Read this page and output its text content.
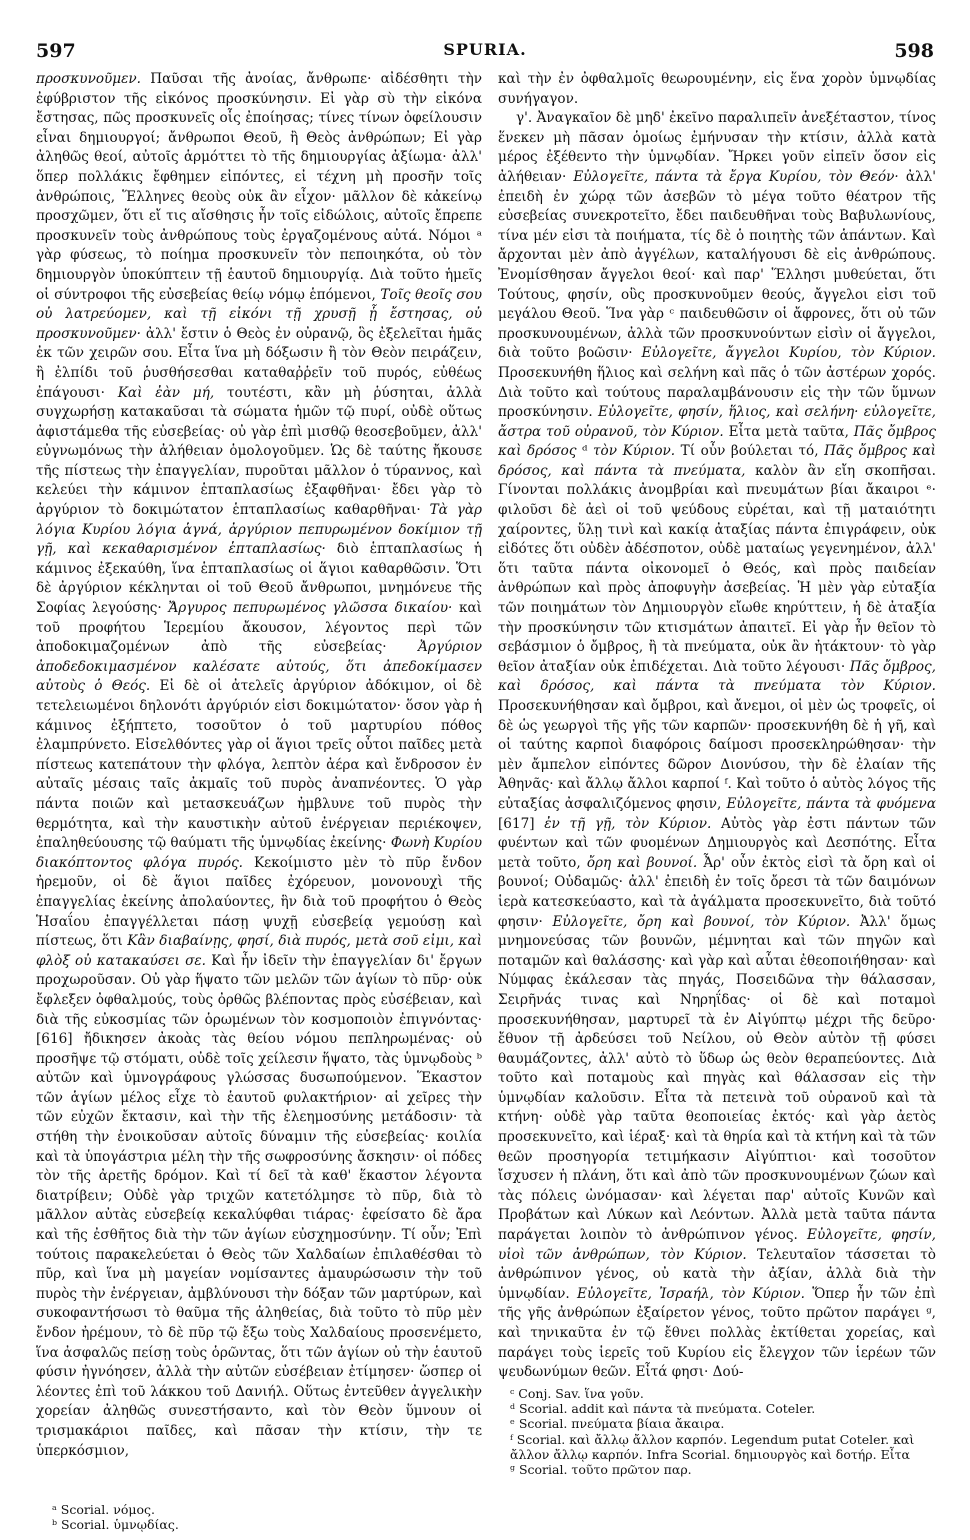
597	SPURIA.	598

προσκυνοῦμεν. Παῦσαι τῆς ἀνοίας, ἄνθρωπε· αἰδέσθητι τὴν ἐφύβριστον τῆς εἰκόνος προσκύνησιν. Εἰ γὰρ σὺ τὴν εἰκόνα ἔστησας, πῶς προσκυνεῖς οἷς ἐποίησας; τίνες τίνων ὀφείλουσιν εἶναι δημιουργοί; ἄνθρωποι Θεοῦ, ἢ Θεὸς ἀνθρώπων; Εἰ γὰρ ἀληθῶς θεοί, αὐτοῖς ἁρμόττει τὸ τῆς δημιουργίας ἀξίωμα· ἀλλ' ὅπερ πολλάκις ἔφθημεν εἰπόντες, εἰ τέχνη μὴ προσῆν τοῖς ἀνθρώποις, Ἕλληνες θεοὺς οὐκ ἂν εἶχον· μᾶλλον δὲ κἀκείνῳ προσχῶμεν, ὅτι εἴ τις αἴσθησις ἦν τοῖς εἰδώλοις, αὐτοῖς ἔπρεπε προσκυνεῖν τοὺς ἀνθρώπους τοὺς ἐργαζομένους αὐτά. Νόμοι ᵃ γὰρ φύσεως, τὸ ποίημα προσκυνεῖν τὸν πεποιηκότα, οὐ τὸν δημιουργὸν ὑποκύπτειν τῇ ἑαυτοῦ δημιουργίᾳ. Διὰ τοῦτο ἡμεῖς οἱ σύντροφοι τῆς εὐσεβείας θείῳ νόμῳ ἑπόμενοι, Τοῖς θεοῖς σου οὐ λατρεύομεν, καὶ τῇ εἰκόνι τῇ χρυσῇ ᾗ ἔστησας, οὐ προσκυνοῦμεν· ἀλλ' ἔστιν ὁ Θεὸς ἐν οὐρανῷ, ὃς ἐξελεῖται ἡμᾶς ἐκ τῶν χειρῶν σου. Εἶτα ἵνα μὴ δόξωσιν ἢ τὸν Θεὸν πειράζειν, ἢ ἐλπίδι τοῦ ῥυσθήσεσθαι καταθαῤῥεῖν τοῦ πυρός, εὐθέως ἐπάγουσι· Καὶ ἐὰν μή, τουτέστι, κἂν μὴ ῥύσηται, ἀλλὰ συγχωρήσῃ κατακαῦσαι τὰ σώματα ἡμῶν τῷ πυρί, οὐδὲ οὕτως ἀφιστάμεθα τῆς εὐσεβείας· οὐ γὰρ ἐπὶ μισθῷ θεοσεβοῦμεν, ἀλλ' εὐγνωμόνως τὴν ἀλήθειαν ὁμολογοῦμεν. Ὡς δὲ ταύτης ἤκουσε τῆς πίστεως τὴν ἐπαγγελίαν, πυροῦται μᾶλλον ὁ τύραννος, καὶ κελεύει τὴν κάμινον ἑπταπλασίως ἐξαφθῆναι· ἔδει γὰρ τὸ ἀργύριον τὸ δοκιμώτατον ἑπταπλασίως καθαρθῆναι· Τὰ γὰρ λόγια Κυρίου λόγια ἁγνά, ἀργύριον πεπυρωμένον δοκίμιον τῇ γῇ, καὶ κεκαθαρισμένον ἑπταπλασίως· διὸ ἑπταπλασίως ἡ κάμινος ἐξεκαύθη, ἵνα ἑπταπλασίως οἱ ἅγιοι καθαρθῶσιν. Ὅτι δὲ ἀργύριον κέκληνται οἱ τοῦ Θεοῦ ἄνθρωποι, μνημόνευε τῆς Σοφίας λεγούσης· Ἄργυρος πεπυρωμένος γλῶσσα δικαίου· καὶ τοῦ προφήτου Ἱερεμίου ἄκουσον, λέγοντος περὶ τῶν ἀποδοκιμαζομένων ἀπὸ τῆς εὐσεβείας· Ἀργύριον ἀποδεδοκιμασμένον καλέσατε αὐτούς, ὅτι ἀπεδοκίμασεν αὐτοὺς ὁ Θεός. Εἰ δὲ οἱ ἀτελεῖς ἀργύριον ἀδόκιμον, οἱ δὲ τετελειωμένοι δηλονότι ἀργύριόν εἰσι δοκιμώτατον· ὅσον γὰρ ἡ κάμινος ἐξήπτετο, τοσοῦτον ὁ τοῦ μαρτυρίου πόθος ἐλαμπρύνετο. Εἰσελθόντες γὰρ οἱ ἅγιοι τρεῖς οὗτοι παῖδες μετὰ πίστεως κατεπάτουν τὴν φλόγα, λεπτὸν ἀέρα καὶ ἔνδροσον ἐν αὐταῖς μέσαις ταῖς ἀκμαῖς τοῦ πυρὸς ἀναπνέοντες. Ὁ γὰρ πάντα ποιῶν καὶ μετασκευάζων ἠμβλυνε τοῦ πυρὸς τὴν θερμότητα, καὶ τὴν καυστικὴν αὐτοῦ ἐνέργειαν περιέκοψεν, ἐπαληθεύουσης τῷ θαύματι τῆς ὑμνῳδίας ἐκείνης· Φωνὴ Κυρίου διακόπτοντος φλόγα πυρός. Κεκοίμιστο μὲν τὸ πῦρ ἔνδον ἠρεμοῦν, οἱ δὲ ἅγιοι παῖδες ἐχόρευον, μονονουχὶ τῆς ἐπαγγελίας ἐκείνης ἀπολαύοντες, ἣν διὰ τοῦ προφήτου ὁ Θεὸς Ἡσαΐου ἐπαγγέλλεται πάσῃ ψυχῇ εὐσεβείᾳ γεμούσῃ καὶ πίστεως, ὅτι Κἂν διαβαίνῃς, φησί, διὰ πυρός, μετὰ σοῦ εἰμι, καὶ φλὸξ οὐ κατακαύσει σε. Καὶ ἦν ἰδεῖν τὴν ἐπαγγελίαν δι' ἔργων προχωροῦσαν. Οὐ γὰρ ἥψατο τῶν μελῶν τῶν ἁγίων τὸ πῦρ· οὐκ ἔφλεξεν ὀφθαλμούς, τοὺς ὀρθῶς βλέποντας πρὸς εὐσέβειαν, καὶ διὰ τῆς εὐκοσμίας τῶν ὁρωμένων τὸν κοσμοποιὸν ἐπιγνόντας· [616] ἤδικησεν ἀκοὰς τὰς θείου νόμου πεπληρωμένας· οὐ προσῆψε τῷ στόματι, οὐδὲ τοῖς χείλεσιν ἥψατο, τὰς ὑμνῳδοὺς ᵇ αὐτῶν καὶ ὑμνογράφους γλώσσας δυσωπούμενον. Ἕκαστον τῶν ἁγίων μέλος εἶχε τὸ ἑαυτοῦ φυλακτήριον· αἱ χεῖρες τὴν τῶν εὐχῶν ἔκτασιν, καὶ τὴν τῆς ἐλεημοσύνης μετάδοσιν· τὰ στήθη τὴν ἐνοικοῦσαν αὐτοῖς δύναμιν τῆς εὐσεβείας· κοιλία καὶ τὰ ὑπογάστρια μέλη τὴν τῆς σωφροσύνης ἄσκησιν· οἱ πόδες τὸν τῆς ἀρετῆς δρόμον. Καὶ τί δεῖ τὰ καθ' ἕκαστον λέγοντα διατρίβειν; Οὐδὲ γὰρ τριχῶν κατετόλμησε τὸ πῦρ, διὰ τὸ μᾶλλον αὐτὰς εὐσεβείᾳ κεκαλύφθαι τιάρας· ἐφείσατο δὲ ἄρα καὶ τῆς ἐσθῆτος διὰ τὴν τῶν ἁγίων εὐσχημοσύνην. Τί οὖν; Ἐπὶ τούτοις παρακελεύεται ὁ Θεὸς τῶν Χαλδαίων ἐπιλαθέσθαι τὸ πῦρ, καὶ ἵνα μὴ μαγείαν νομίσαντες ἀμαυρώσωσιν τὴν τοῦ πυρὸς τὴν ἐνέργειαν, ἀμβλύνουσι τὴν δόξαν τῶν μαρτύρων, καὶ συκοφαντήσωσι τὸ θαῦμα τῆς ἀληθείας, διὰ τοῦτο τὸ πῦρ μὲν ἔνδον ἠρέμουν, τὸ δὲ πῦρ τῷ ἔξω τοὺς Χαλδαίους προσενέμετο, ἵνα ἀσφαλῶς πείσῃ τοὺς ὁρῶντας, ὅτι τῶν ἁγίων οὐ τὴν ἑαυτοῦ φύσιν ἠγνόησεν, ἀλλὰ τὴν αὐτῶν εὐσέβειαν ἐτίμησεν· ὥσπερ οἱ λέοντες ἐπὶ τοῦ λάκκου τοῦ Δανιήλ. Οὕτως ἐντεῦθεν ἀγγελικὴν χορείαν ἀληθῶς συνεστήσαντο, καὶ τὸν Θεὸν ὕμνουν οἱ τρισμακάριοι παῖδες, καὶ πᾶσαν τὴν κτίσιν, τὴν τε ὑπερκόσμιον,

καὶ τὴν ἐν ὀφθαλμοῖς θεωρουμένην, εἰς ἕνα χορὸν ὑμνῳδίας συνήγαγον.

γ'. Ἀναγκαῖον δὲ μηδ' ἐκεῖνο παραλιπεῖν ἀνεξέταστον, τίνος ἕνεκεν μὴ πᾶσαν ὁμοίως ἐμήνυσαν τὴν κτίσιν, ἀλλὰ κατὰ μέρος ἐξέθεντο τὴν ὑμνῳδίαν. Ἤρκει γοῦν εἰπεῖν ὅσον εἰς ἀλήθειαν· Εὐλογεῖτε, πάντα τὰ ἔργα Κυρίου, τὸν Θεόν· ἀλλ' ἐπειδὴ ἐν χώρᾳ τῶν ἀσεβῶν τὸ μέγα τοῦτο θέατρον τῆς εὐσεβείας συνεκροτεῖτο, ἔδει παιδευθῆναι τοὺς Βαβυλωνίους, τίνα μέν εἰσι τὰ ποιήματα, τίς δὲ ὁ ποιητὴς τῶν ἁπάντων. Καὶ ἄρχονται μὲν ἀπὸ ἀγγέλων, καταλήγουσι δὲ εἰς ἀνθρώπους. Ἐνομίσθησαν ἄγγελοι θεοί· καὶ παρ' Ἕλλησι μυθεύεται, ὅτι Τούτους, φησίν, οὓς προσκυνοῦμεν θεούς, ἄγγελοι εἰσι τοῦ μεγάλου Θεοῦ. Ἵνα γὰρ ᶜ παιδευθῶσιν οἱ ἄφρονες, ὅτι οὐ τῶν προσκυνουμένων, ἀλλὰ τῶν προσκυνούντων εἰσὶν οἱ ἄγγελοι, διὰ τοῦτο βοῶσιν· Εὐλογεῖτε, ἄγγελοι Κυρίου, τὸν Κύριον. Προσεκυνήθη ἥλιος καὶ σελήνη καὶ πᾶς ὁ τῶν ἀστέρων χορός. Διὰ τοῦτο καὶ τούτους παραλαμβάνουσιν εἰς τὴν τῶν ὕμνων προσκύνησιν. Εὐλογεῖτε, φησίν, ἥλιος, καὶ σελήνη· εὐλογεῖτε, ἄστρα τοῦ οὐρανοῦ, τὸν Κύριον. Εἶτα μετὰ ταῦτα, Πᾶς ὄμβρος καὶ δρόσος ᵈ τὸν Κύριον. Τί οὖν βούλεται τό, Πᾶς ὄμβρος καὶ δρόσος, καὶ πάντα τὰ πνεύματα, καλὸν ἂν εἴη σκοπῆσαι. Γίνονται πολλάκις ἀνομβρίαι καὶ πνευμάτων βίαι ἄκαιροι ᵉ· φιλοῦσι δὲ ἀεὶ οἱ τοῦ ψεύδους εὑρέται, καὶ τῇ ματαιότητι χαίροντες, ὕλῃ τινὶ καὶ κακίᾳ ἀταξίας πάντα ἐπιγράφειν, οὐκ εἰδότες ὅτι οὐδὲν ἀδέσποτον, οὐδὲ ματαίως γεγενημένον, ἀλλ' ὅτι ταῦτα πάντα οἰκονομεῖ ὁ Θεός, καὶ πρὸς παιδείαν ἀνθρώπων καὶ πρὸς ἀποφυγὴν ἀσεβείας. Ἡ μὲν γὰρ εὐταξία τῶν ποιημάτων τὸν Δημιουργὸν εἴωθε κηρύττειν, ἡ δὲ ἀταξία τὴν προσκύνησιν τῶν κτισμάτων ἀπαιτεῖ. Εἰ γὰρ ἦν θεῖον τὸ σεβάσμιον ὁ ὄμβρος, ἢ τὰ πνεύματα, οὐκ ἂν ἠτάκτουν· τὸ γὰρ θεῖον ἀταξίαν οὐκ ἐπιδέχεται. Διὰ τοῦτο λέγουσι· Πᾶς ὄμβρος, καὶ δρόσος, καὶ πάντα τὰ πνεύματα τὸν Κύριον. Προσεκυνήθησαν καὶ ὄμβροι, καὶ ἄνεμοι, οἱ μὲν ὡς τροφεῖς, οἱ δὲ ὡς γεωργοὶ τῆς γῆς τῶν καρπῶν· προσεκυνήθη δὲ ἡ γῆ, καὶ οἱ ταύτης καρποὶ διαφόροις δαίμοσι προσεκληρώθησαν· τὴν μὲν ἄμπελον εἰπόντες δῶρον Διονύσου, τὴν δὲ ἐλαίαν τῆς Ἀθηνᾶς· καὶ ἄλλῳ ἄλλοι καρποί ᶠ. Καὶ τοῦτο ὁ αὐτὸς λόγος τῆς εὐταξίας ἀσφαλιζόμενος φησιν, Εὐλογεῖτε, πάντα τὰ φυόμενα [617] ἐν τῇ γῇ, τὸν Κύριον. Αὐτὸς γὰρ ἐστι πάντων τῶν φυέντων καὶ τῶν φυομένων Δημιουργὸς καὶ Δεσπότης. Εἶτα μετὰ τοῦτο, ὄρη καὶ βουνοί. Ἆρ' οὖν ἐκτὸς εἰσὶ τὰ ὄρη καὶ οἱ βουνοί; Οὐδαμῶς· ἀλλ' ἐπειδὴ ἐν τοῖς ὄρεσι τὰ τῶν δαιμόνων ἱερὰ κατεσκεύαστο, καὶ τὰ ἀγάλματα προσεκυνεῖτο, διὰ τοῦτό φησιν· Εὐλογεῖτε, ὄρη καὶ βουνοί, τὸν Κύριον. Ἀλλ' ὅμως μνημονεύσας τῶν βουνῶν, μέμνηται καὶ τῶν πηγῶν καὶ ποταμῶν καὶ θαλάσσης· καὶ γὰρ καὶ αὗται ἐθεοποιήθησαν· καὶ Νύμφας ἐκάλεσαν τὰς πηγάς, Ποσειδῶνα τὴν θάλασσαν, Σειρῆνάς τινας καὶ Νηρηΐδας· οἱ δὲ καὶ ποταμοὶ προσεκυνήθησαν, μαρτυρεῖ τὰ ἐν Αἰγύπτῳ μέχρι τῆς δεῦρο· ἔθυον τῇ ἀρδεύσει τοῦ Νείλου, οὐ Θεὸν αὐτὸν τῇ φύσει θαυμάζοντες, ἀλλ' αὐτὸ τὸ ὕδωρ ὡς θεὸν θεραπεύοντες. Διὰ τοῦτο καὶ ποταμοὺς καὶ πηγὰς καὶ θάλασσαν εἰς τὴν ὑμνῳδίαν καλοῦσιν. Εἶτα τὰ πετεινὰ τοῦ οὐρανοῦ καὶ τὰ κτήνη· οὐδὲ γὰρ ταῦτα θεοποιείας ἐκτός· καὶ γὰρ ἀετὸς προσεκυνεῖτο, καὶ ἱέραξ· καὶ τὰ θηρία καὶ τὰ κτήνη καὶ τὰ τῶν θεῶν προσηγορία τετιμήκασιν Αἰγύπτιοι· καὶ τοσοῦτον ἴσχυσεν ἡ πλάνη, ὅτι καὶ ἀπὸ τῶν προσκυνουμένων ζώων καὶ τὰς πόλεις ὠνόμασαν· καὶ λέγεται παρ' αὐτοῖς Κυνῶν καὶ Προβάτων καὶ Λύκων καὶ Λεόντων. Ἀλλὰ μετὰ ταῦτα πάντα παράγεται λοιπὸν τὸ ἀνθρώπινον γένος. Εὐλογεῖτε, φησίν, υἱοὶ τῶν ἀνθρώπων, τὸν Κύριον. Τελευταῖον τάσσεται τὸ ἀνθρώπινον γένος, οὐ κατὰ τὴν ἀξίαν, ἀλλὰ διὰ τὴν ὑμνῳδίαν. Εὐλογεῖτε, Ἰσραήλ, τὸν Κύριον. Ὅπερ ἦν τῶν ἐπὶ τῆς γῆς ἀνθρώπων ἐξαίρετον γένος, τοῦτο πρῶτον παράγει ᵍ, καὶ τηνικαῦτα ἐν τῷ ἔθνει πολλὰς ἐκτίθεται χορείας, καὶ παράγει τοὺς ἱερεῖς τοῦ Κυρίου εἰς ἔλεγχον τῶν ἱερέων τῶν ψευδωνύμων θεῶν. Εἶτά φησι· Δού-

ᵃ Scorial. νόμος.

ᵇ Scorial. ὑμνῳδίας.

ᶜ Conj. Sav. ἵνα γοῦν.

ᵈ Scorial. addit καὶ πάντα τὰ πνεύματα. Coteler.

ᵉ Scorial. πνεύματα βίαια ἄκαιρα.

ᶠ Scorial. καὶ ἄλλῳ ἄλλον καρπόν. Legendum putat Coteler. καὶ ἄλλον ἄλλῳ καρπόν. Infra Scorial. δημιουργὸς καὶ δοτήρ. Εἶτα

ᵍ Scorial. τοῦτο πρῶτον παρ.
